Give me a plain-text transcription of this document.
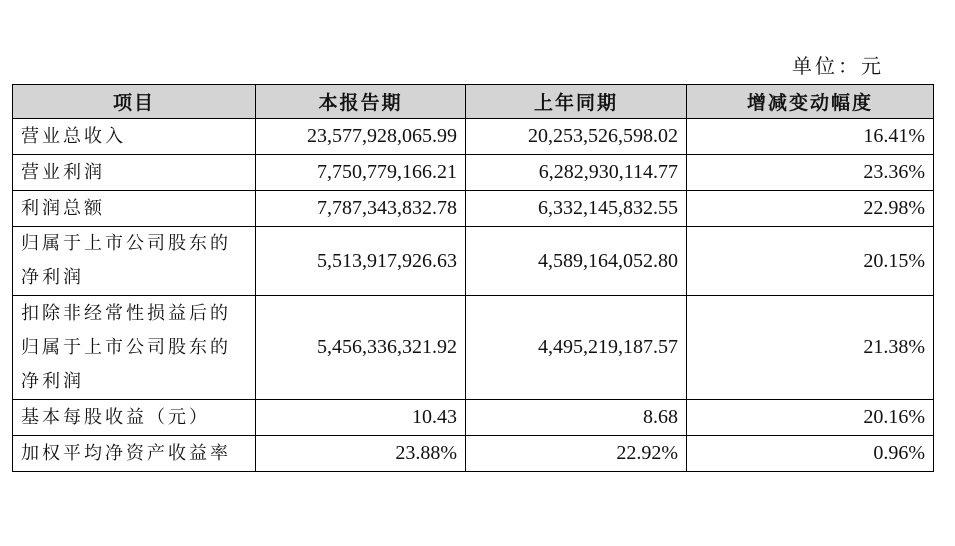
单位：元
项目	本报告期	上年同期	增减变动幅度
营业总收入	23,577,928,065.99	20,253,526,598.02	16.41%
营业利润	7,750,779,166.21	6,282,930,114.77	23.36%
利润总额	7,787,343,832.78	6,332,145,832.55	22.98%
归属于上市公司股东的净利润	5,513,917,926.63	4,589,164,052.80	20.15%
扣除非经常性损益后的归属于上市公司股东的净利润	5,456,336,321.92	4,495,219,187.57	21.38%
基本每股收益（元）	10.43	8.68	20.16%
加权平均净资产收益率	23.88%	22.92%	0.96%
